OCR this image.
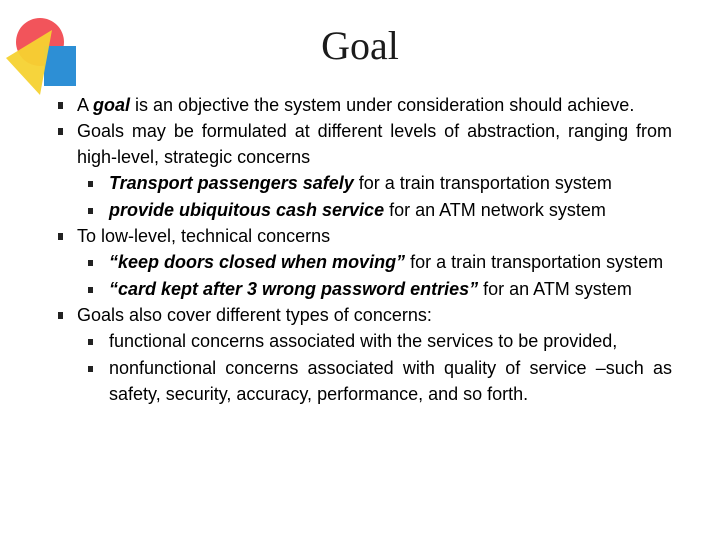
Goal
A goal is an objective the system under consideration should achieve.
Goals may be formulated at different levels of abstraction, ranging from high-level, strategic concerns
Transport passengers safely for a train transportation system
provide ubiquitous cash service for an ATM network system
To low-level, technical concerns
“keep doors closed when moving” for a train transportation system
“card kept after 3 wrong password entries” for an ATM system
Goals also cover different types of concerns:
functional concerns associated with the services to be provided,
nonfunctional concerns associated with quality of service –such as safety, security, accuracy, performance, and so forth.
